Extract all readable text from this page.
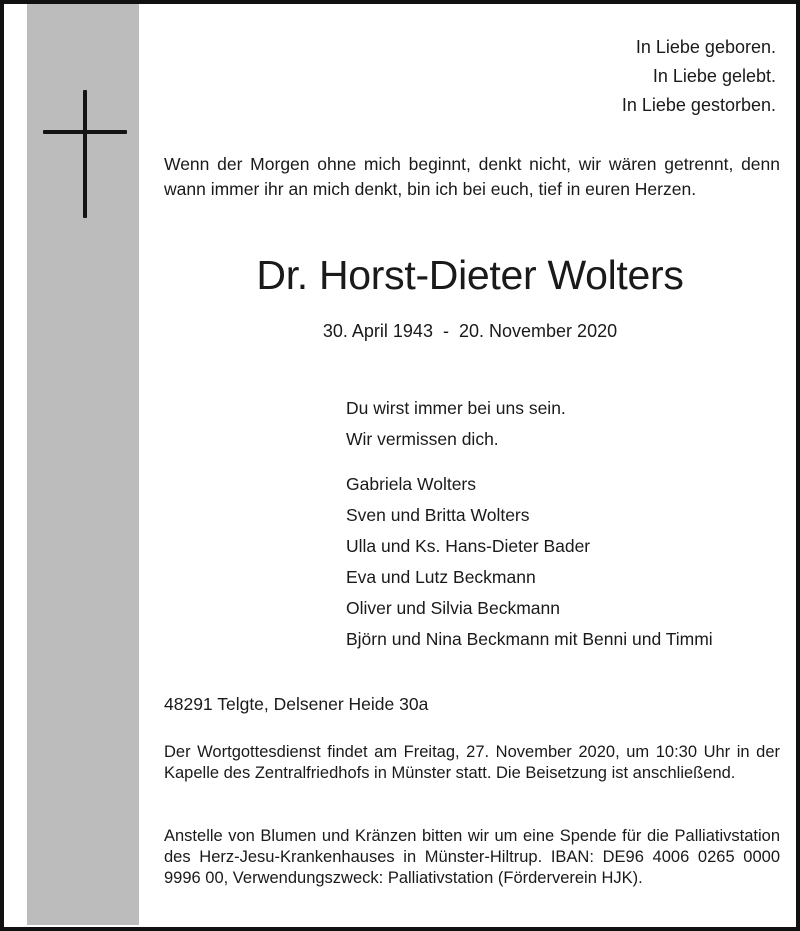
In Liebe geboren.
In Liebe gelebt.
In Liebe gestorben.
Wenn der Morgen ohne mich beginnt, denkt nicht, wir wären getrennt, denn wann immer ihr an mich denkt, bin ich bei euch, tief in euren Herzen.
Dr. Horst-Dieter Wolters
30. April 1943 - 20. November 2020
Du wirst immer bei uns sein.
Wir vermissen dich.
Gabriela Wolters
Sven und Britta Wolters
Ulla und Ks. Hans-Dieter Bader
Eva und Lutz Beckmann
Oliver und Silvia Beckmann
Björn und Nina Beckmann mit Benni und Timmi
48291 Telgte, Delsener Heide 30a
Der Wortgottesdienst findet am Freitag, 27. November 2020, um 10:30 Uhr in der Kapelle des Zentralfriedhofs in Münster statt. Die Beisetzung ist anschließend.
Anstelle von Blumen und Kränzen bitten wir um eine Spende für die Palliativstation des Herz-Jesu-Krankenhauses in Münster-Hiltrup. IBAN: DE96 4006 0265 0000 9996 00, Verwendungszweck: Palliativstation (Förderverein HJK).
